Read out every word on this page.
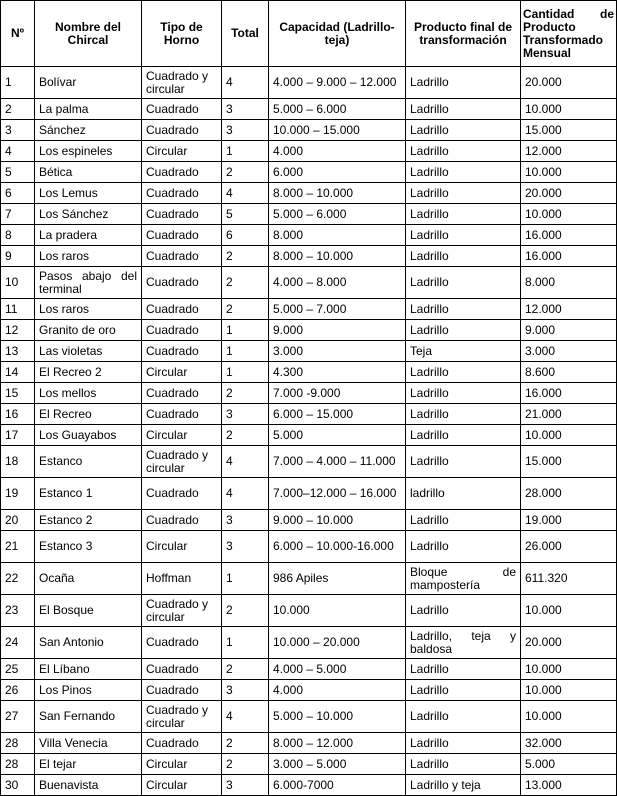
Nº	Nombre del Chircal	Tipo de Horno	Total	Capacidad (Ladrillo-teja)	Producto final de transformación	Cantidad de Producto Transformado Mensual
1	Bolívar	Cuadrado y circular	4	4.000 – 9.000 – 12.000	Ladrillo	20.000
2	La palma	Cuadrado	3	5.000 – 6.000	Ladrillo	10.000
3	Sánchez	Cuadrado	3	10.000 – 15.000	Ladrillo	15.000
4	Los espineles	Circular	1	4.000	Ladrillo	12.000
5	Bética	Cuadrado	2	6.000	Ladrillo	10.000
6	Los Lemus	Cuadrado	4	8.000 – 10.000	Ladrillo	20.000
7	Los Sánchez	Cuadrado	5	5.000 – 6.000	Ladrillo	10.000
8	La pradera	Cuadrado	6	8.000	Ladrillo	16.000
9	Los raros	Cuadrado	2	8.000 – 10.000	Ladrillo	16.000
10	Pasos abajo del terminal	Cuadrado	2	4.000 – 8.000	Ladrillo	8.000
11	Los raros	Cuadrado	2	5.000 – 7.000	Ladrillo	12.000
12	Granito de oro	Cuadrado	1	9.000	Ladrillo	9.000
13	Las violetas	Cuadrado	1	3.000	Teja	3.000
14	El Recreo 2	Circular	1	4.300	Ladrillo	8.600
15	Los mellos	Cuadrado	2	7.000 -9.000	Ladrillo	16.000
16	El Recreo	Cuadrado	3	6.000 – 15.000	Ladrillo	21.000
17	Los Guayabos	Circular	2	5.000	Ladrillo	10.000
18	Estanco	Cuadrado y circular	4	7.000 – 4.000 – 11.000	Ladrillo	15.000
19	Estanco 1	Cuadrado	4	7.000–12.000 – 16.000	ladrillo	28.000
20	Estanco 2	Cuadrado	3	9.000 – 10.000	Ladrillo	19.000
21	Estanco 3	Circular	3	6.000 – 10.000-16.000	Ladrillo	26.000
22	Ocaña	Hoffman	1	986 Apiles	Bloque de mampostería	611.320
23	El Bosque	Cuadrado y circular	2	10.000	Ladrillo	10.000
24	San Antonio	Cuadrado	1	10.000 – 20.000	Ladrillo, teja y baldosa	20.000
25	El Líbano	Cuadrado	2	4.000 – 5.000	Ladrillo	10.000
26	Los Pinos	Cuadrado	3	4.000	Ladrillo	10.000
27	San Fernando	Cuadrado y circular	4	5.000 – 10.000	Ladrillo	10.000
28	Villa Venecia	Cuadrado	2	8.000 – 12.000	Ladrillo	32.000
28	El tejar	Circular	2	3.000 – 5.000	Ladrillo	5.000
30	Buenavista	Circular	3	6.000-7000	Ladrillo y teja	13.000
